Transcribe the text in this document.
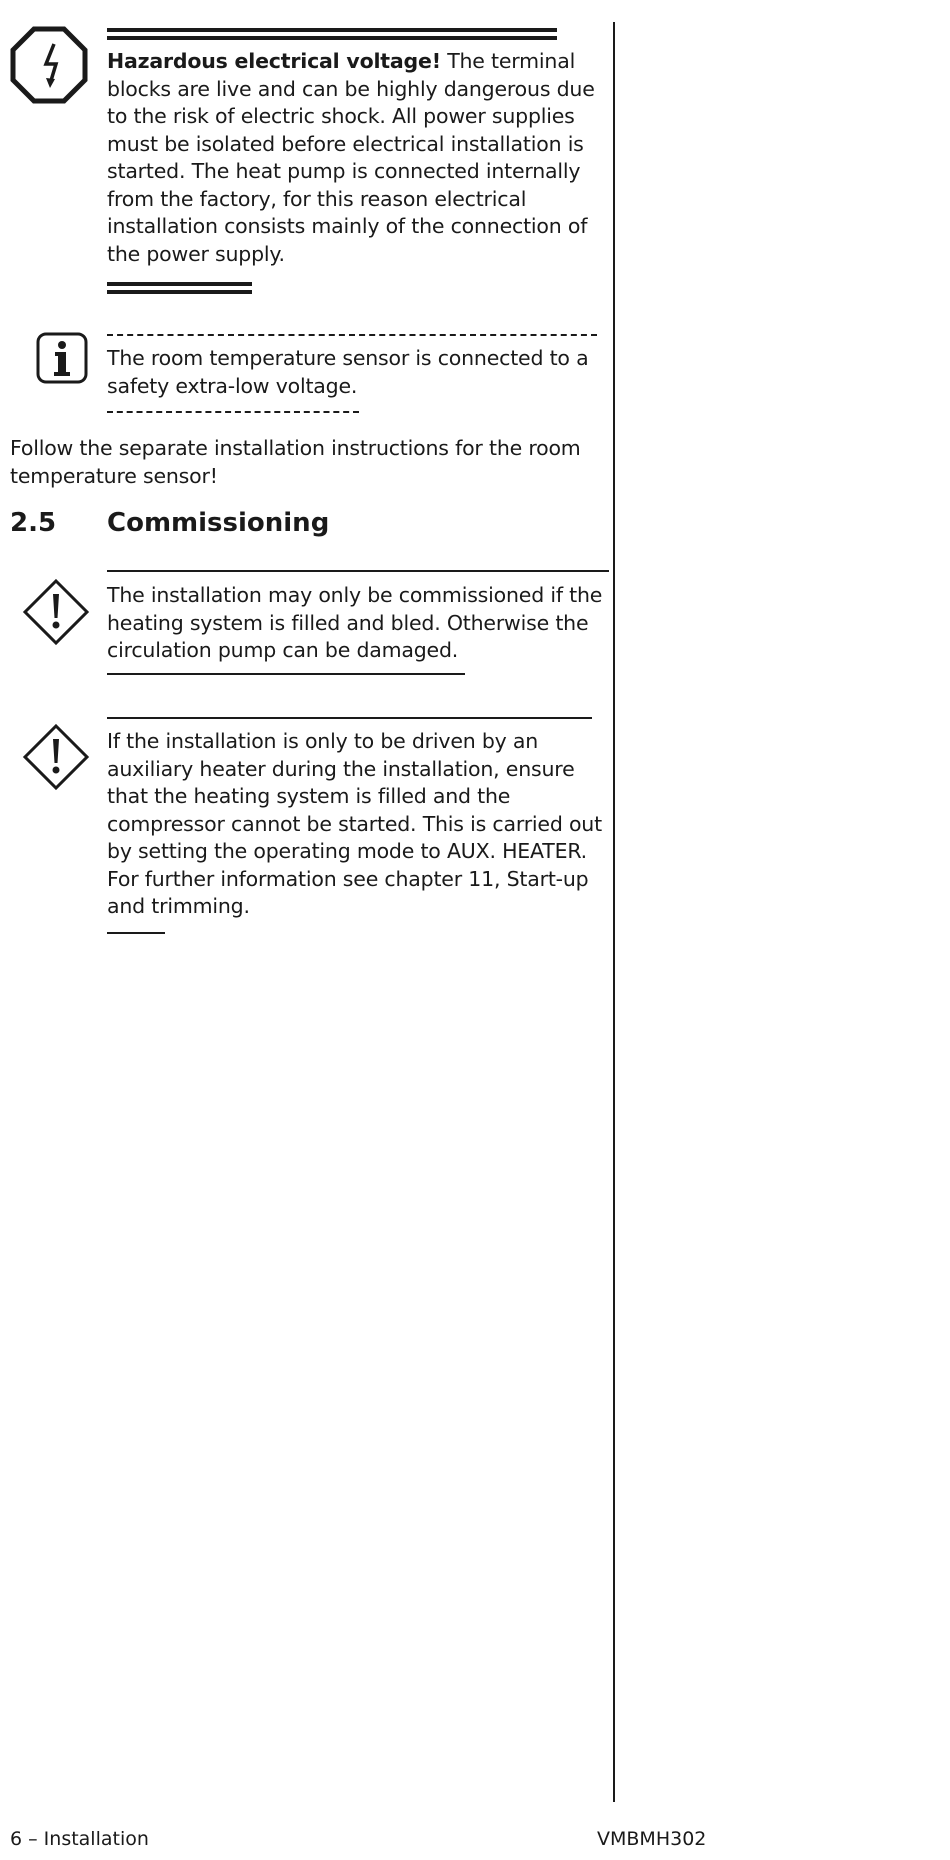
Hazardous electrical voltage! The terminal blocks are live and can be highly dangerous due to the risk of electric shock. All power supplies must be isolated before electrical installation is started. The heat pump is connected internally from the factory, for this reason electrical installation consists mainly of the connection of the power supply.

The room temperature sensor is connected to a safety extra-low voltage.

Follow the separate installation instructions for the room temperature sensor!

2.5 Commissioning

The installation may only be commissioned if the heating system is filled and bled. Otherwise the circulation pump can be damaged.

If the installation is only to be driven by an auxiliary heater during the installation, ensure that the heating system is filled and the compressor cannot be started. This is carried out by setting the operating mode to AUX. HEATER. For further information see chapter 11, Start-up and trimming.

6 – Installation	VMBMH302
